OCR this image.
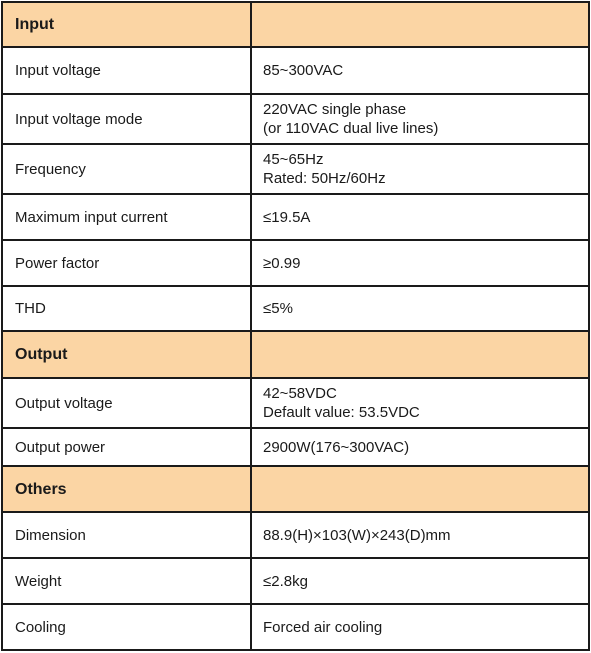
Input	
Input voltage	85~300VAC
Input voltage mode	220VAC single phase
(or 110VAC dual live lines)
Frequency	45~65Hz
Rated: 50Hz/60Hz
Maximum input current	≤19.5A
Power factor	≥0.99
THD	≤5%
Output	
Output voltage	42~58VDC
Default value: 53.5VDC
Output power	2900W(176~300VAC)
Others	
Dimension	88.9(H)×103(W)×243(D)mm
Weight	≤2.8kg
Cooling	Forced air cooling
